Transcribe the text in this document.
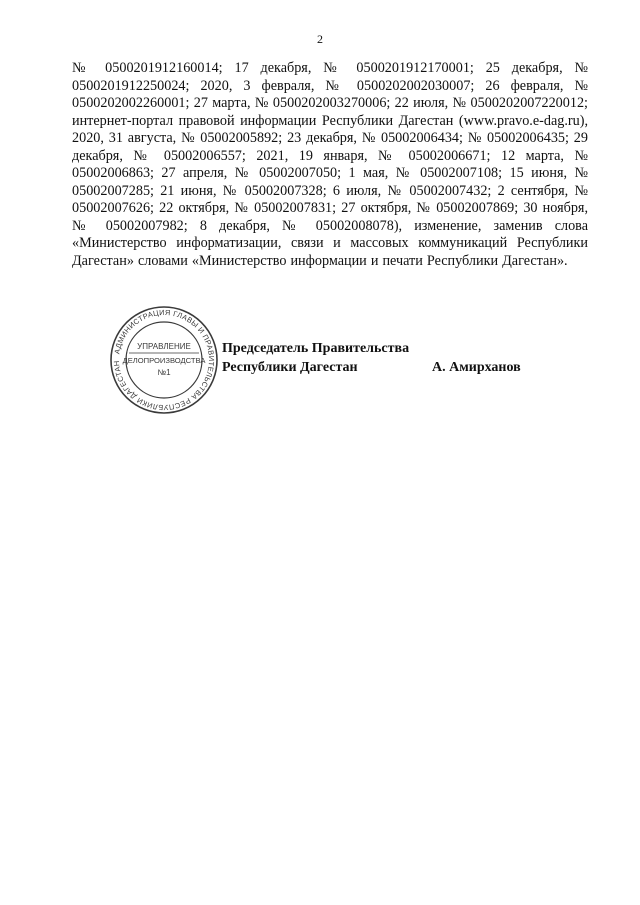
2
№ 0500201912160014; 17 декабря, № 0500201912170001; 25 декабря, № 0500201912250024; 2020, 3 февраля, № 0500202002030007; 26 февраля, № 0500202002260001; 27 марта, № 0500202003270006; 22 июля, № 0500202007220012; интернет-портал правовой информации Республики Дагестан (www.pravo.e-dag.ru), 2020, 31 августа, № 05002005892; 23 декабря, № 05002006434; № 05002006435; 29 декабря, № 05002006557; 2021, 19 января, № 05002006671; 12 марта, № 05002006863; 27 апреля, № 05002007050; 1 мая, № 05002007108; 15 июня, № 05002007285; 21 июня, № 05002007328; 6 июля, № 05002007432; 2 сентября, № 05002007626; 22 октября, № 05002007831; 27 октября, № 05002007869; 30 ноября, № 05002007982; 8 декабря, № 05002008078), изменение, заменив слова «Министерство информатизации, связи и массовых коммуникаций Республики Дагестан» словами «Министерство информации и печати Республики Дагестан».
АДМИНИСТРАЦИЯ ГЛАВЫ И ПРАВИТЕЛЬСТВА РЕСПУБЛИКИ ДАГЕСТАН
УПРАВЛЕНИЕ
ДЕЛОПРОИЗВОДСТВА
№1
Председатель Правительства
Республики Дагестан	А. Амирханов
